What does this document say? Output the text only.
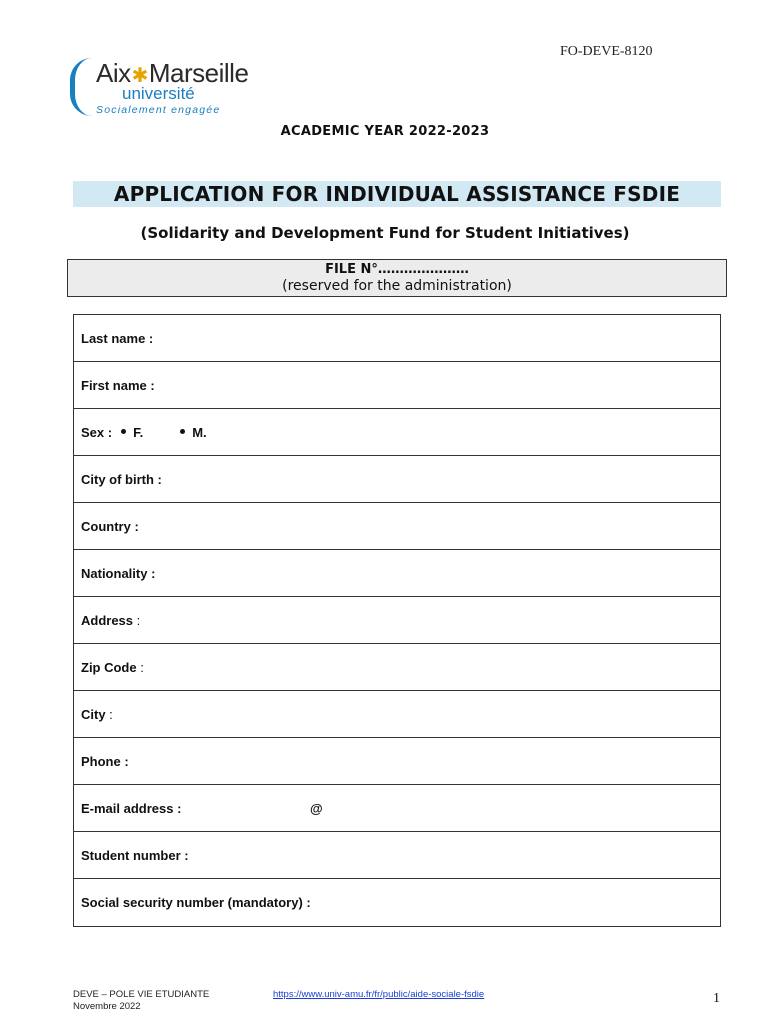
FO-DEVE-8120
Aix✱Marseille
université
Socialement engagée
ACADEMIC YEAR 2022-2023
APPLICATION FOR INDIVIDUAL ASSISTANCE FSDIE
(Solidarity and Development Fund for Student Initiatives)
FILE N°…………………
(reserved for the administration)
Last name :
First name :
Sex : F.	M.
City of birth :
Country :
Nationality :
Address :
Zip Code :
City :
Phone :
E-mail address :	@
Student number :
Social security number (mandatory) :
DEVE – POLE VIE ETUDIANTE
Novembre 2022
https://www.univ-amu.fr/fr/public/aide-sociale-fsdie	1
